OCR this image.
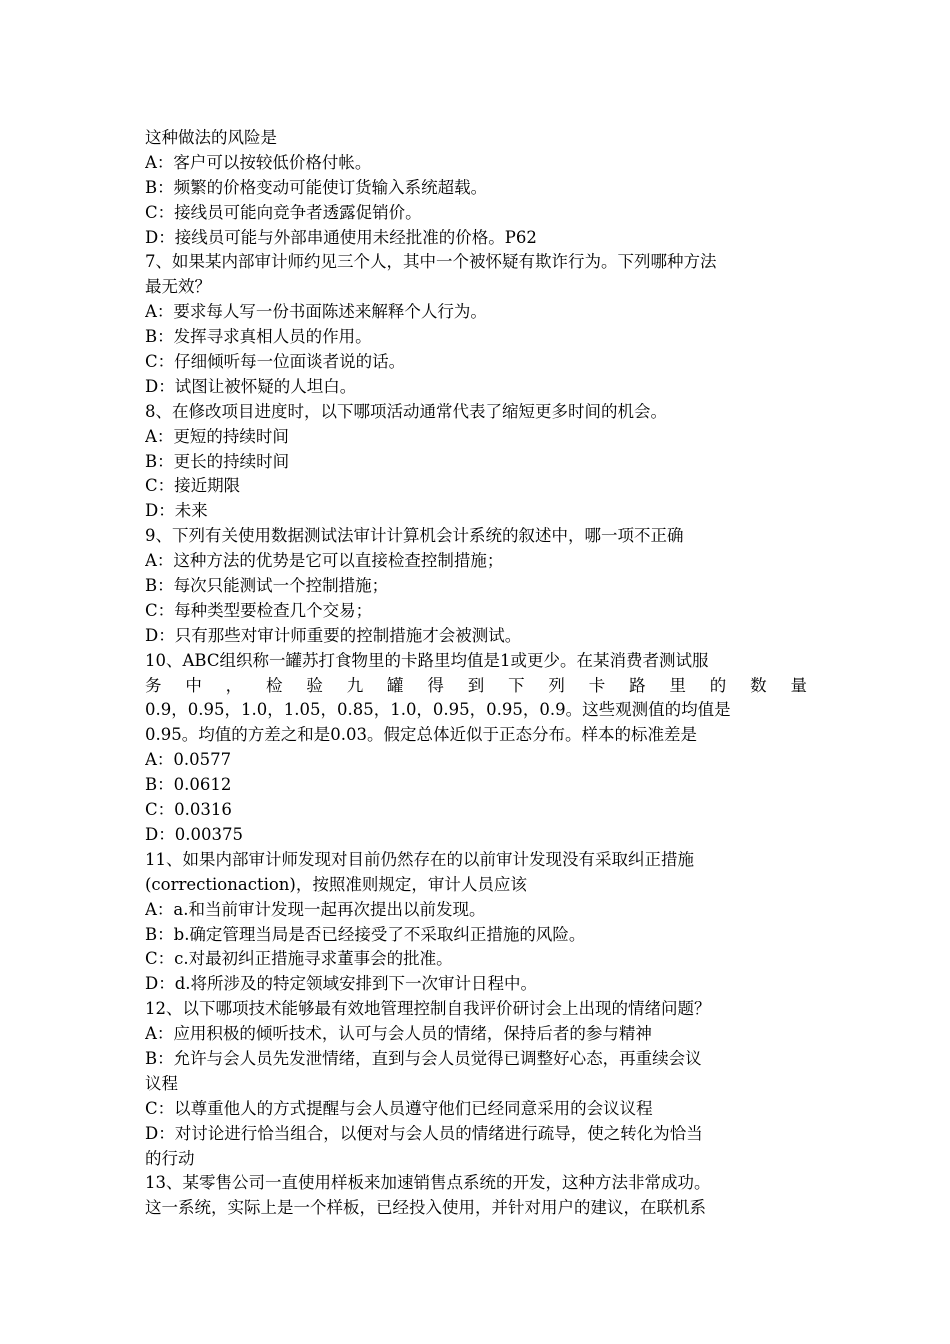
这种做法的风险是
A：客户可以按较低价格付帐。
B：频繁的价格变动可能使订货输入系统超载。
C：接线员可能向竞争者透露促销价。
D：接线员可能与外部串通使用未经批准的价格。P62
7、如果某内部审计师约见三个人，其中一个被怀疑有欺诈行为。下列哪种方法
最无效？
A：要求每人写一份书面陈述来解释个人行为。
B：发挥寻求真相人员的作用。
C：仔细倾听每一位面谈者说的话。
D：试图让被怀疑的人坦白。
8、在修改项目进度时，以下哪项活动通常代表了缩短更多时间的机会。
A：更短的持续时间
B：更长的持续时间
C：接近期限
D：未来
9、下列有关使用数据测试法审计计算机会计系统的叙述中，哪一项不正确
A：这种方法的优势是它可以直接检查控制措施；
B：每次只能测试一个控制措施；
C：每种类型要检查几个交易；
D：只有那些对审计师重要的控制措施才会被测试。
10、ABC组织称一罐苏打食物里的卡路里均值是1或更少。在某消费者测试服
务 中 ， 检 验 九 罐 得 到 下 列 卡 路 里 的 数 量
0.9，0.95，1.0，1.05，0.85，1.0，0.95，0.95，0.9。这些观测值的均值是
0.95。均值的方差之和是0.03。假定总体近似于正态分布。样本的标准差是
A：0.0577
B：0.0612
C：0.0316
D：0.00375
11、如果内部审计师发现对目前仍然存在的以前审计发现没有采取纠正措施
(correctionaction)，按照准则规定，审计人员应该
A：a.和当前审计发现一起再次提出以前发现。
B：b.确定管理当局是否已经接受了不采取纠正措施的风险。
C：c.对最初纠正措施寻求董事会的批准。
D：d.将所涉及的特定领域安排到下一次审计日程中。
12、以下哪项技术能够最有效地管理控制自我评价研讨会上出现的情绪问题？
A：应用积极的倾听技术，认可与会人员的情绪，保持后者的参与精神
B：允许与会人员先发泄情绪，直到与会人员觉得已调整好心态，再重续会议
议程
C：以尊重他人的方式提醒与会人员遵守他们已经同意采用的会议议程
D：对讨论进行恰当组合，以便对与会人员的情绪进行疏导，使之转化为恰当
的行动
13、某零售公司一直使用样板来加速销售点系统的开发，这种方法非常成功。
这一系统，实际上是一个样板，已经投入使用，并针对用户的建议，在联机系
